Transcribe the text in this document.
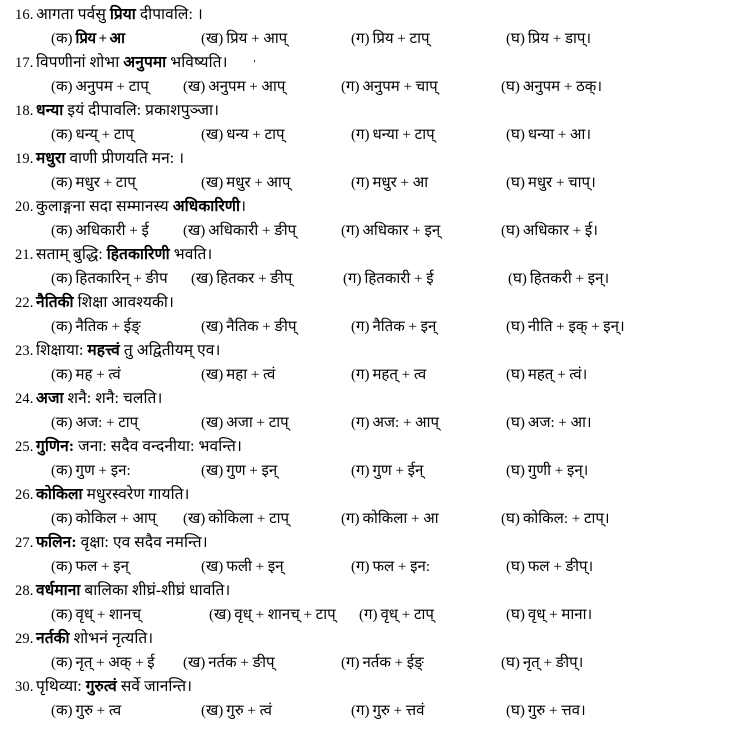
16. आगता पर्वसु प्रिया दीपावलि: ।
(क) प्रिय + आ	(ख) प्रिय + आप्	(ग) प्रिय + टाप्	(घ) प्रिय + डाप्।
17. विपणीनां शोभा अनुपमा भविष्यति। '
(क) अनुपम + टाप्	(ख) अनुपम + आप्	(ग) अनुपम + चाप्	(घ) अनुपम + ठक्।
18. धन्या इयं दीपावलि: प्रकाशपुञ्जा।
(क) धन्य् + टाप्	(ख) धन्य + टाप्	(ग) धन्या + टाप्	(घ) धन्या + आ।
19. मधुरा वाणी प्रीणयति मन: ।
(क) मधुर + टाप्	(ख) मधुर + आप्	(ग) मधुर + आ	(घ) मधुर + चाप्।
20. कुलाङ्गना सदा सम्मानस्य अधिकारिणी।
(क) अधिकारी + ई	(ख) अधिकारी + ङीप्	(ग) अधिकार + इन्	(घ) अधिकार + ई।
21. सताम् बुद्धि: हितकारिणी भवति।
(क) हितकारिन् + ङीप	(ख) हितकर + ङीप्	(ग) हितकारी + ई	(घ) हितकरी + इन्।
22. नैतिकी शिक्षा आवश्यकी।
(क) नैतिक + ईङ्	(ख) नैतिक + ङीप्	(ग) नैतिक + इन्	(घ) नीति + इक् + इन्।
23. शिक्षाया: महत्त्वं तु अद्वितीयम् एव।
(क) मह + त्वं	(ख) महा + त्वं	(ग) महत् + त्व	(घ) महत् + त्वं।
24. अजा शनै: शनै: चलति।
(क) अज: + टाप्	(ख) अजा + टाप्	(ग) अज: + आप्	(घ) अज: + आ।
25. गुणिन: जना: सदैव वन्दनीया: भवन्ति।
(क) गुण + इन:	(ख) गुण + इन्	(ग) गुण + ईन्	(घ) गुणी + इन्।
26. कोकिला मधुरस्वरेण गायति।
(क) कोकिल + आप्	(ख) कोकिला + टाप्	(ग) कोकिला + आ	(घ) कोकिल: + टाप्।
27. फलिन: वृक्षा: एव सदैव नमन्ति।
(क) फल + इन्	(ख) फली + इन्	(ग) फल + इन:	(घ) फल + ङीप्।
28. वर्धमाना बालिका शीघ्रं-शीघ्रं धावति।
(क) वृध् + शानच्	(ख) वृध् + शानच् + टाप्	(ग) वृध् + टाप्	(घ) वृध् + माना।
29. नर्तकी शोभनं नृत्यति।
(क) नृत् + अक् + ई	(ख) नर्तक + ङीप्	(ग) नर्तक + ईङ्	(घ) नृत् + ङीप्।
30. पृथिव्या: गुरुत्वं सर्वे जानन्ति।
(क) गुरु + त्व	(ख) गुरु + त्वं	(ग) गुरु + त्तवं	(घ) गुरु + त्तव।
